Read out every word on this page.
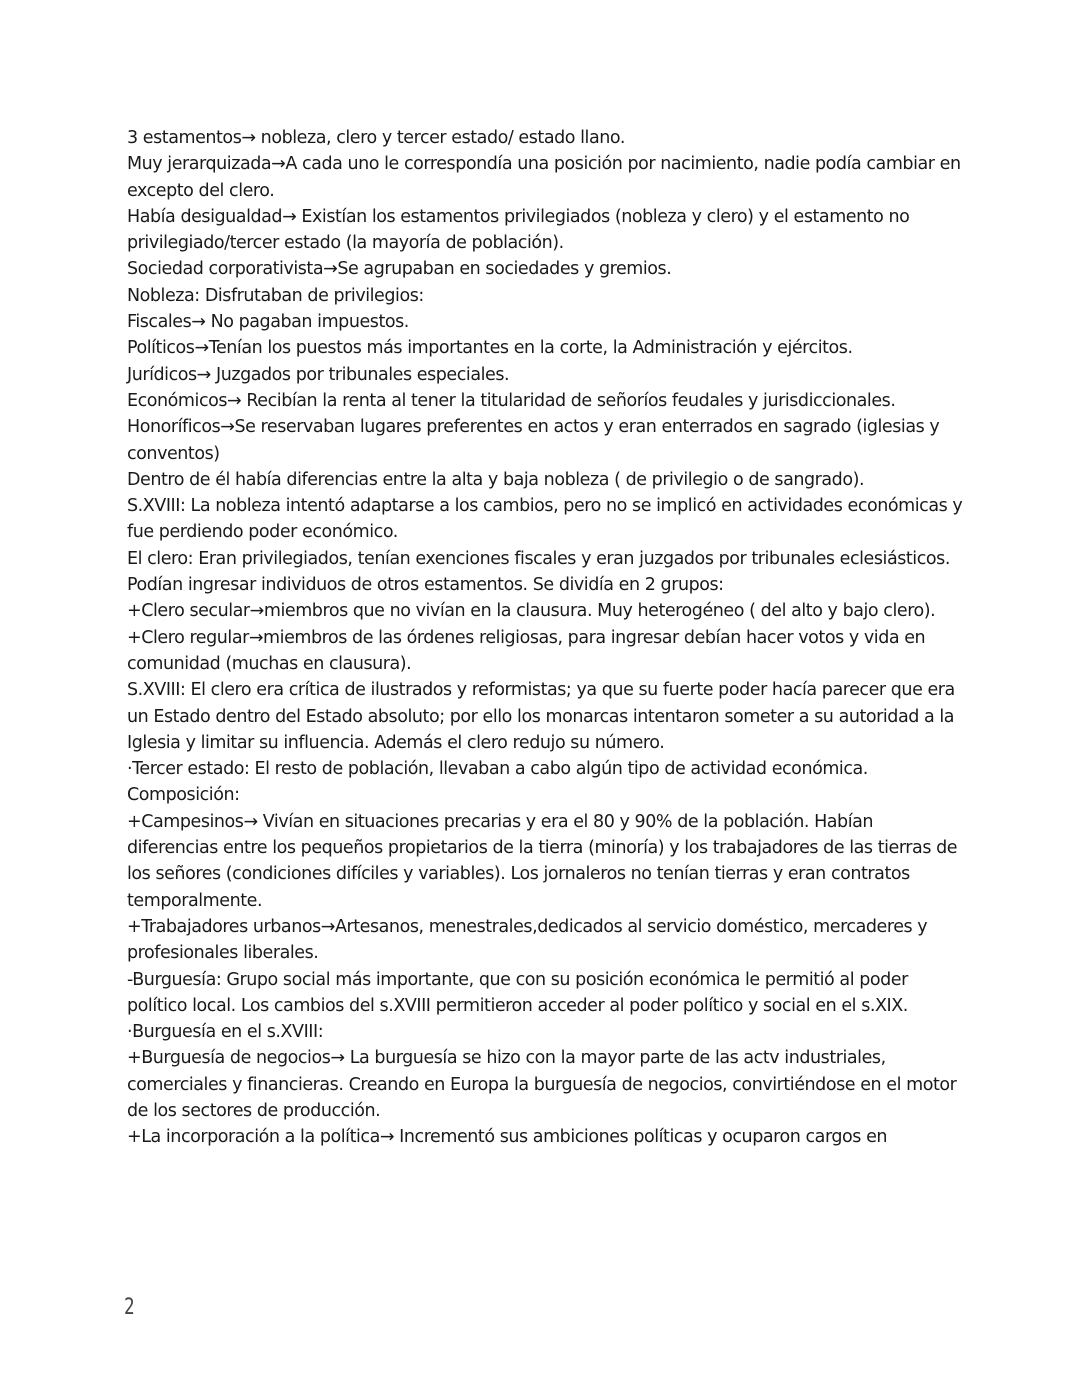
3 estamentos→ nobleza, clero y tercer estado/ estado llano.

Muy jerarquizada→A cada uno le correspondía una posición por nacimiento, nadie podía cambiar en excepto del clero.

Había desigualdad→ Existían los estamentos privilegiados (nobleza y clero) y el estamento no privilegiado/tercer estado (la mayoría de población).

Sociedad corporativista→Se agrupaban en sociedades y gremios.

Nobleza: Disfrutaban de privilegios:

Fiscales→ No pagaban impuestos.

Políticos→Tenían los puestos más importantes en la corte, la Administración y ejércitos.

Jurídicos→ Juzgados por tribunales especiales.

Económicos→ Recibían la renta al tener la titularidad de señoríos feudales y jurisdiccionales.

Honoríficos→Se reservaban lugares preferentes en actos y eran enterrados en sagrado (iglesias y conventos)

Dentro de él había diferencias entre la alta y baja nobleza ( de privilegio o de sangrado).

S.XVIII: La nobleza intentó adaptarse a los cambios, pero no se implicó en actividades económicas y fue perdiendo poder económico.

El clero: Eran privilegiados, tenían exenciones fiscales y eran juzgados por tribunales eclesiásticos. Podían ingresar individuos de otros estamentos. Se dividía en 2 grupos:

+Clero secular→miembros que no vivían en la clausura. Muy heterogéneo ( del alto y bajo clero).

+Clero regular→miembros de las órdenes religiosas, para ingresar debían hacer votos y vida en comunidad (muchas en clausura).

S.XVIII: El clero era crítica de ilustrados y reformistas; ya que su fuerte poder hacía parecer que era un Estado dentro del Estado absoluto; por ello los monarcas intentaron someter a su autoridad a la Iglesia y limitar su influencia. Además el clero redujo su número.

·Tercer estado: El resto de población, llevaban a cabo algún tipo de actividad económica.

Composición:

+Campesinos→ Vivían en situaciones precarias y era el 80 y 90% de la población. Habían diferencias entre los pequeños propietarios de la tierra (minoría) y los trabajadores de las tierras de los señores (condiciones difíciles y variables). Los jornaleros no tenían tierras y eran contratos temporalmente.

+Trabajadores urbanos→Artesanos, menestrales,dedicados al servicio doméstico, mercaderes y profesionales liberales.

-Burguesía: Grupo social más importante, que con su posición económica le permitió al poder político local. Los cambios del s.XVIII permitieron acceder al poder político y social en el s.XIX.

·Burguesía en el s.XVIII:

+Burguesía de negocios→ La burguesía se hizo con la mayor parte de las actv industriales, comerciales y financieras. Creando en Europa la burguesía de negocios, convirtiéndose en el motor de los sectores de producción.

+La incorporación a la política→ Incrementó sus ambiciones políticas y ocuparon cargos en

2
